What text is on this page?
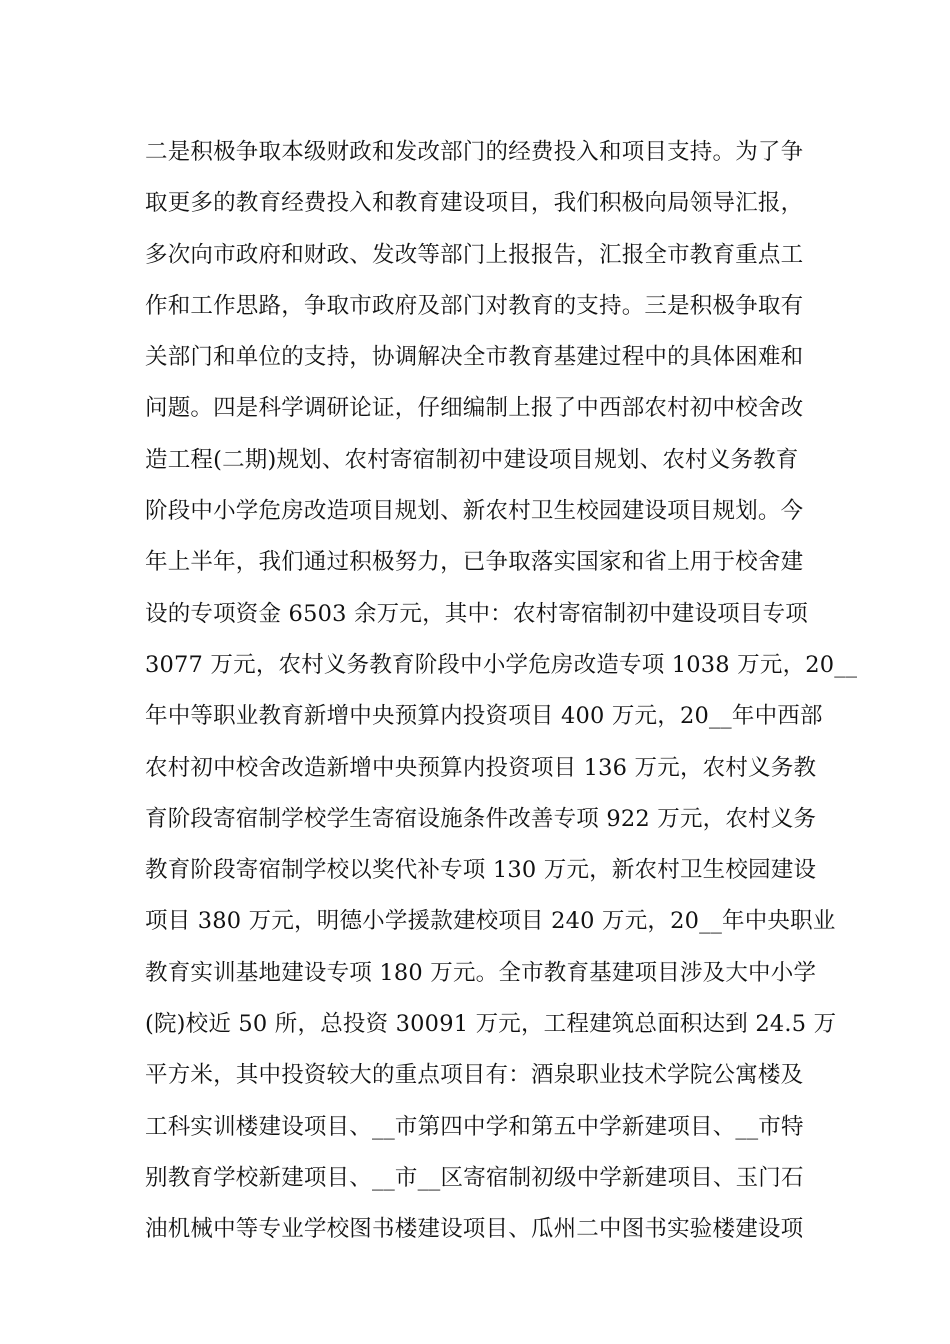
二是积极争取本级财政和发改部门的经费投入和项目支持。为了争
取更多的教育经费投入和教育建设项目，我们积极向局领导汇报，
多次向市政府和财政、发改等部门上报报告，汇报全市教育重点工
作和工作思路，争取市政府及部门对教育的支持。三是积极争取有
关部门和单位的支持，协调解决全市教育基建过程中的具体困难和
问题。四是科学调研论证，仔细编制上报了中西部农村初中校舍改
造工程(二期)规划、农村寄宿制初中建设项目规划、农村义务教育
阶段中小学危房改造项目规划、新农村卫生校园建设项目规划。今
年上半年，我们通过积极努力，已争取落实国家和省上用于校舍建
设的专项资金 6503 余万元，其中：农村寄宿制初中建设项目专项
3077 万元，农村义务教育阶段中小学危房改造专项 1038 万元，20__
年中等职业教育新增中央预算内投资项目 400 万元，20__年中西部
农村初中校舍改造新增中央预算内投资项目 136 万元，农村义务教
育阶段寄宿制学校学生寄宿设施条件改善专项 922 万元，农村义务
教育阶段寄宿制学校以奖代补专项 130 万元，新农村卫生校园建设
项目 380 万元，明德小学援款建校项目 240 万元，20__年中央职业
教育实训基地建设专项 180 万元。全市教育基建项目涉及大中小学
(院)校近 50 所，总投资 30091 万元，工程建筑总面积达到 24.5 万
平方米，其中投资较大的重点项目有：酒泉职业技术学院公寓楼及
工科实训楼建设项目、__市第四中学和第五中学新建项目、__市特
别教育学校新建项目、__市__区寄宿制初级中学新建项目、玉门石
油机械中等专业学校图书楼建设项目、瓜州二中图书实验楼建设项
